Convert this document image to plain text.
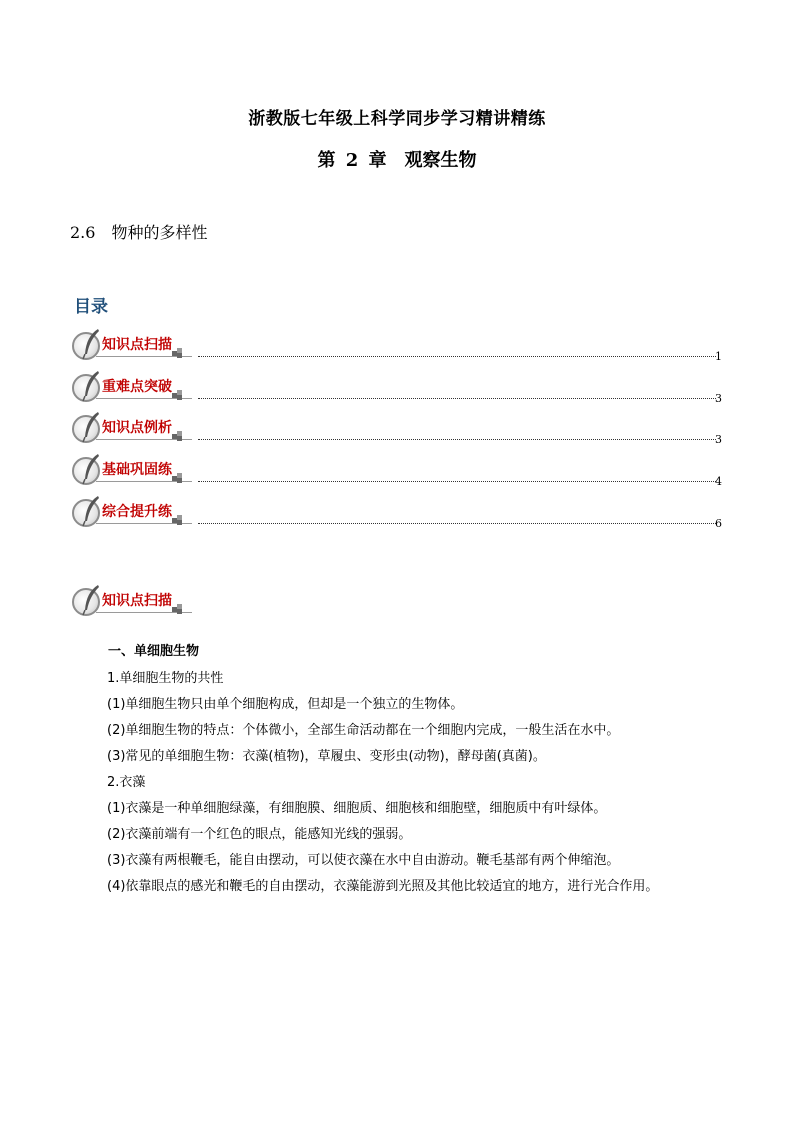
浙教版七年级上科学同步学习精讲精练
第 2 章　观察生物
2.6 物种的多样性
目录
知识点扫描
1
重难点突破
3
知识点例析
3
基础巩固练
4
综合提升练
6
知识点扫描
一、单细胞生物
1.单细胞生物的共性
(1)单细胞生物只由单个细胞构成，但却是一个独立的生物体。
(2)单细胞生物的特点：个体微小，全部生命活动都在一个细胞内完成，一般生活在水中。
(3)常见的单细胞生物：衣藻(植物)，草履虫、变形虫(动物)，酵母菌(真菌)。
2.衣藻
(1)衣藻是一种单细胞绿藻，有细胞膜、细胞质、细胞核和细胞壁，细胞质中有叶绿体。
(2)衣藻前端有一个红色的眼点，能感知光线的强弱。
(3)衣藻有两根鞭毛，能自由摆动，可以使衣藻在水中自由游动。鞭毛基部有两个伸缩泡。
(4)依靠眼点的感光和鞭毛的自由摆动，衣藻能游到光照及其他比较适宜的地方，进行光合作用。
